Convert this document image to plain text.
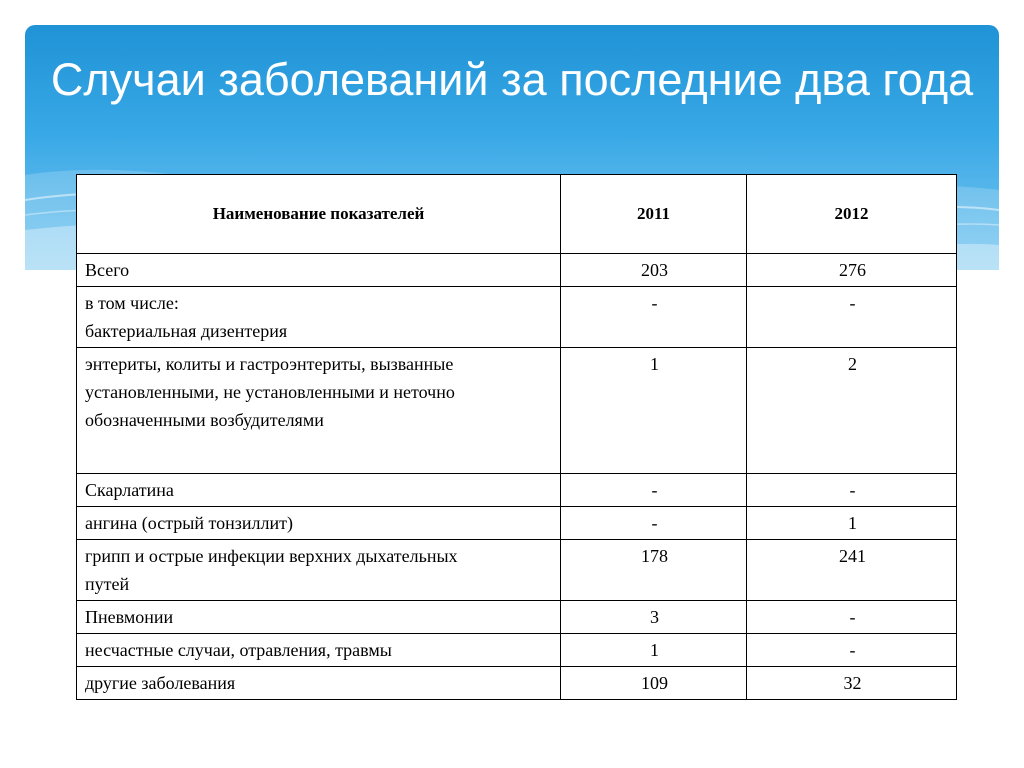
Случаи заболеваний за последние два года
Наименование показателей	2011	2012
Всего	203	276
в том числе:
бактериальная дизентерия	-	-
энтериты, колиты и гастроэнтериты, вызванные установленными, не установленными и неточно обозначенными возбудителями	1	2
Скарлатина	-	-
ангина (острый тонзиллит)	-	1
грипп и острые инфекции верхних дыхательных
путей	178	241
Пневмонии	3	-
несчастные случаи, отравления, травмы	1	-
другие заболевания	109	32
